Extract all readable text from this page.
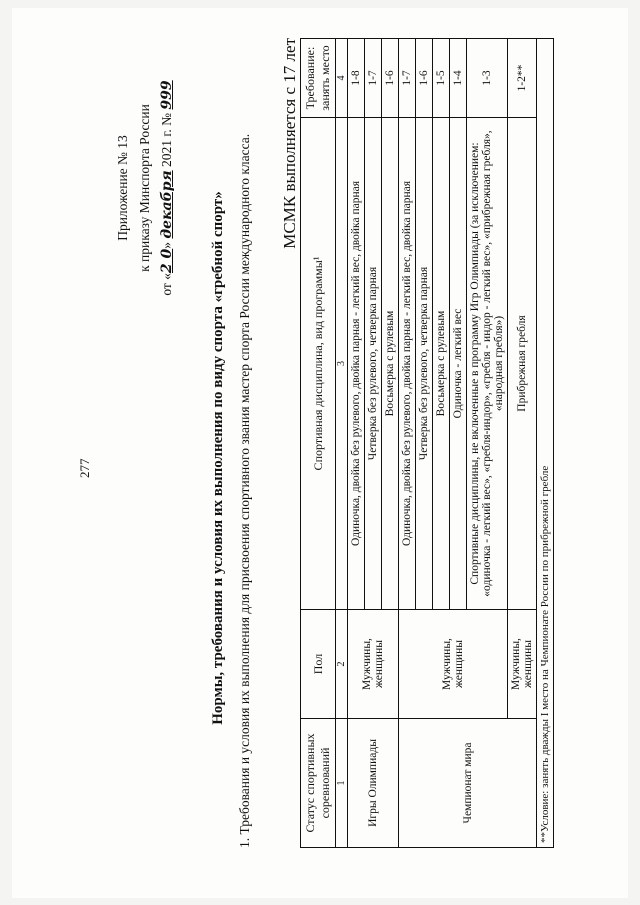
277
Приложение № 13 к приказу Минспорта России
от «2 0» декабря 2021 г. № 999
Нормы, требования и условия их выполнения по виду спорта «гребной спорт» 1. Требования и условия их выполнения для присвоения спортивного звания мастер спорта России международного класса. МСМК выполняется с 17 лет
Статус спортивных соревнований	Пол	Спортивная дисциплина, вид программы¹	Требование: занять место
1	2	3	4
Игры Олимпиады	Мужчины, женщины	Одиночка, двойка без рулевого, двойка парная - легкий вес, двойка парная	1-8
		Четверка без рулевого, четверка парная	1-7
		Восьмерка с рулевым	1-6
Чемпионат мира	Мужчины, женщины	Одиночка, двойка без рулевого, двойка парная - легкий вес, двойка парная	1-7
		Четверка без рулевого, четверка парная	1-6
		Восьмерка с рулевым	1-5
		Одиночка - легкий вес	1-4
		Спортивные дисциплины, не включенные в программу Игр Олимпиады (за исключением: «одиночка - легкий вес», «гребля-индор», «гребля - индор - легкий вес», «прибрежная гребля», «народная гребля»)	1-3
	Мужчины, женщины	Прибрежная гребля	1-2**
**Условие: занять дважды I место на Чемпионате России по прибрежной гребле			
